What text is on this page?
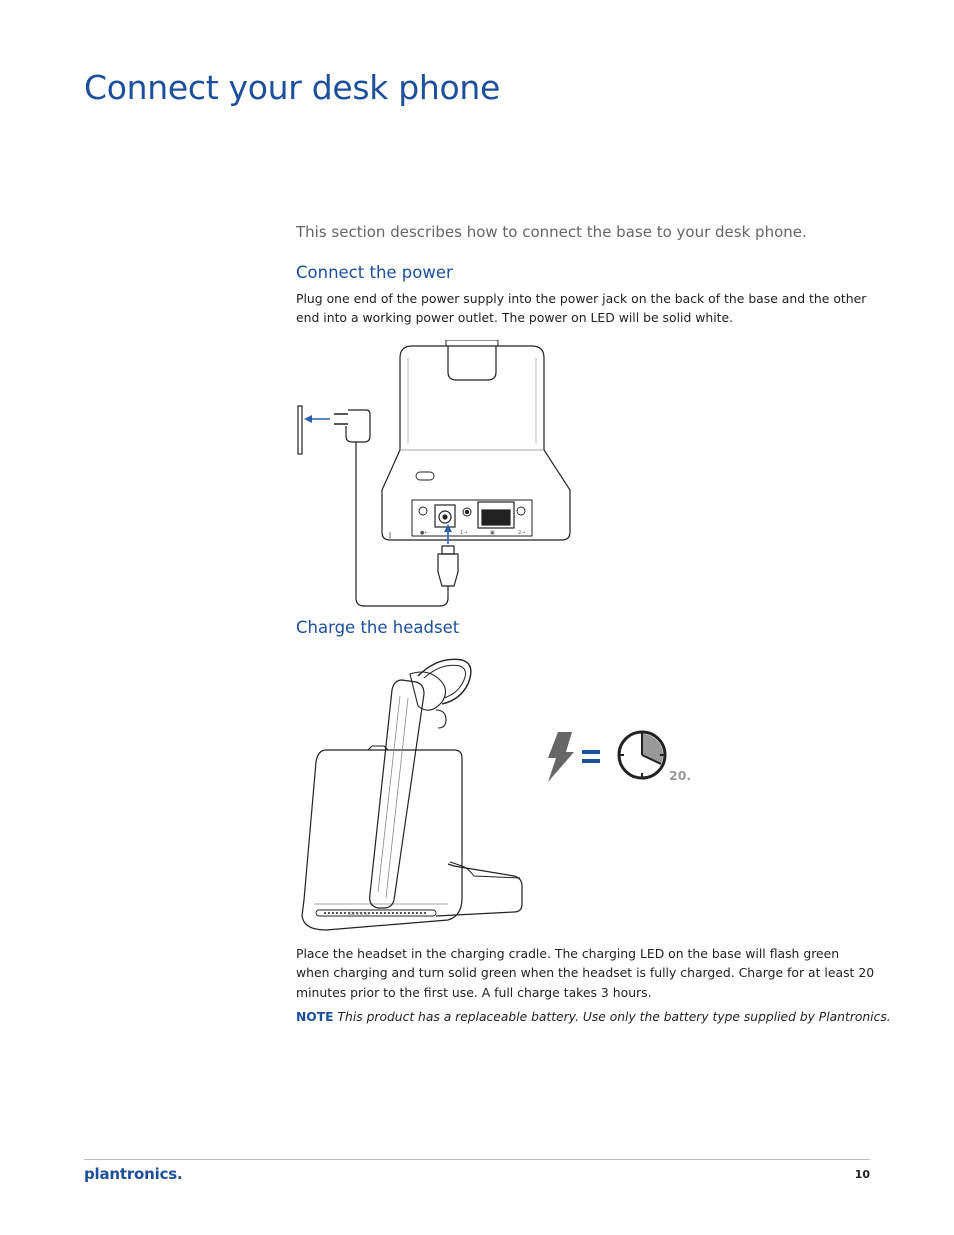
Connect your desk phone

This section describes how to connect the base to your desk phone.

Connect the power

Plug one end of the power supply into the power jack on the back of the base and the other end into a working power outlet. The power on LED will be solid white.

●←	1→	▣	2→
Charge the headset
plantronics
20.

Place the headset in the charging cradle. The charging LED on the base will flash green when charging and turn solid green when the headset is fully charged. Charge for at least 20 minutes prior to the first use. A full charge takes 3 hours.

NOTE This product has a replaceable battery. Use only the battery type supplied by Plantronics.

plantronics.	10
